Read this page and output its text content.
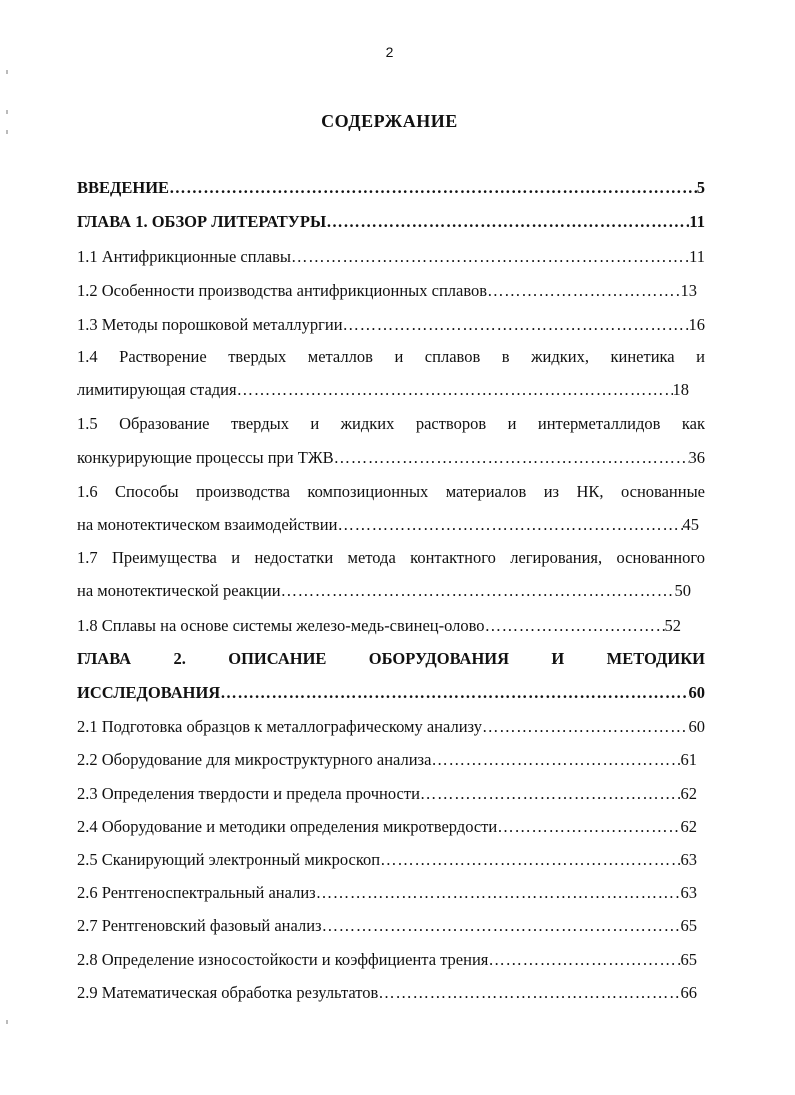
2
СОДЕРЖАНИЕ
ВВЕДЕНИЕ ……………………………………………………………………………………………………………………………………………………………………	5
ГЛАВА 1. ОБЗОР ЛИТЕРАТУРЫ ……………………………………………………………………………………………………………………………………………………………………	11
1.1 Антифрикционные сплавы ……………………………………………………………………………………………………………………………………………………………………	11
1.2 Особенности производства антифрикционных сплавов ……………………………………………………………………………………………………………………………………………………………………	13
1.3 Методы порошковой металлургии ……………………………………………………………………………………………………………………………………………………………………	16
1.4 Растворение твердых металлов и сплавов в жидких, кинетика и
лимитирующая стадия ……………………………………………………………………………………………………………………………………………………………………	18
1.5 Образование твердых и жидких растворов и интерметаллидов как
конкурирующие процессы при ТЖВ ……………………………………………………………………………………………………………………………………………………………………	36
1.6 Способы производства композиционных материалов из НК, основанные
на монотектическом взаимодействии ……………………………………………………………………………………………………………………………………………………………………	45
1.7 Преимущества и недостатки метода контактного легирования, основанного
на монотектической реакции ……………………………………………………………………………………………………………………………………………………………………	50
1.8 Сплавы на основе системы железо-медь-свинец-олово ……………………………………………………………………………………………………………………………………………………………………	52
ГЛАВА 2. ОПИСАНИЕ ОБОРУДОВАНИЯ И МЕТОДИКИ
ИССЛЕДОВАНИЯ ……………………………………………………………………………………………………………………………………………………………………	60
2.1 Подготовка образцов к металлографическому анализу ……………………………………………………………………………………………………………………………………………………………………	60
2.2 Оборудование для микроструктурного анализа ……………………………………………………………………………………………………………………………………………………………………	61
2.3 Определения твердости и предела прочности ……………………………………………………………………………………………………………………………………………………………………	62
2.4 Оборудование и методики определения микротвердости ……………………………………………………………………………………………………………………………………………………………………	62
2.5 Сканирующий электронный микроскоп ……………………………………………………………………………………………………………………………………………………………………	63
2.6 Рентгеноспектральный анализ ……………………………………………………………………………………………………………………………………………………………………	63
2.7 Рентгеновский фазовый анализ ……………………………………………………………………………………………………………………………………………………………………	65
2.8 Определение износостойкости и коэффициента трения ……………………………………………………………………………………………………………………………………………………………………	65
2.9 Математическая обработка результатов ……………………………………………………………………………………………………………………………………………………………………	66
